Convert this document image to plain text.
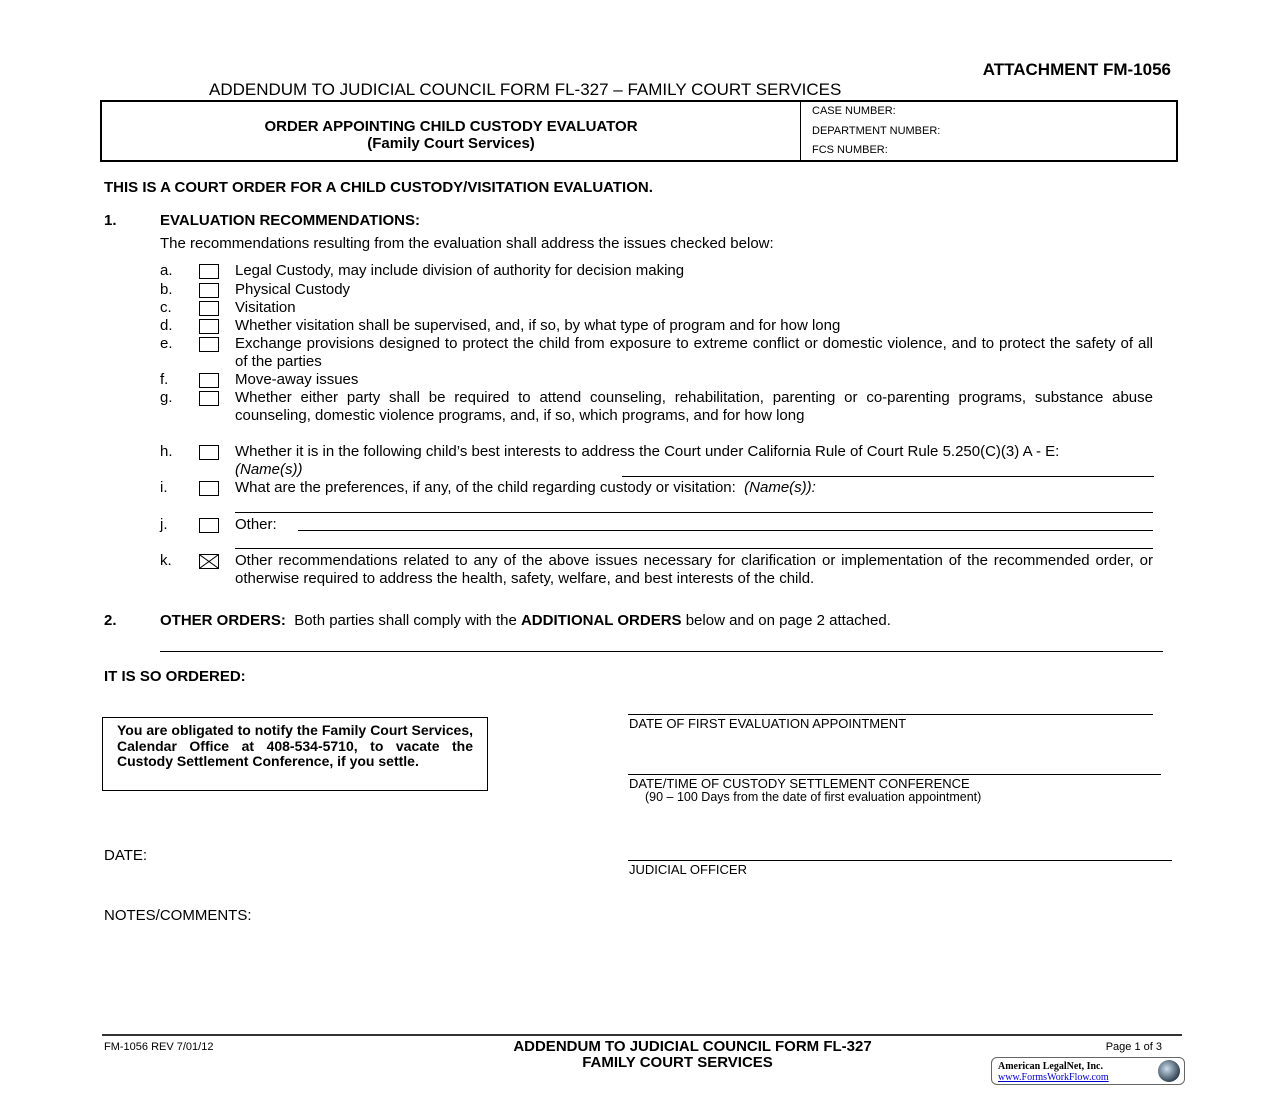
ATTACHMENT FM-1056
ADDENDUM TO JUDICIAL COUNCIL FORM FL-327 – FAMILY COURT SERVICES
ORDER APPOINTING CHILD CUSTODY EVALUATOR
(Family Court Services)
CASE NUMBER:
DEPARTMENT NUMBER:
FCS NUMBER:
THIS IS A COURT ORDER FOR A CHILD CUSTODY/VISITATION EVALUATION.
1.	EVALUATION RECOMMENDATIONS:
The recommendations resulting from the evaluation shall address the issues checked below:
a.	Legal Custody, may include division of authority for decision making
b.	Physical Custody
c.	Visitation
d.	Whether visitation shall be supervised, and, if so, by what type of program and for how long
e.	Exchange provisions designed to protect the child from exposure to extreme conflict or domestic violence, and to protect the safety of all of the parties
f.	Move-away issues
g.	Whether either party shall be required to attend counseling, rehabilitation, parenting or co-parenting programs, substance abuse counseling, domestic violence programs, and, if so, which programs, and for how long
h.	Whether it is in the following child’s best interests to address the Court under California Rule of Court Rule 5.250(C)(3) A - E:  (Name(s))
i.	What are the preferences, if any, of the child regarding custody or visitation: (Name(s)):
j.	Other:
k.	Other recommendations related to any of the above issues necessary for clarification or implementation of the recommended order, or otherwise required to address the health, safety, welfare, and best interests of the child.
2.	OTHER ORDERS: Both parties shall comply with the ADDITIONAL ORDERS below and on page 2 attached.
IT IS SO ORDERED:
You are obligated to notify the Family Court Services, Calendar Office at 408-534-5710, to vacate the Custody Settlement Conference, if you settle.
DATE OF FIRST EVALUATION APPOINTMENT
DATE/TIME OF CUSTODY SETTLEMENT CONFERENCE
(90 – 100 Days from the date of first evaluation appointment)
DATE:
JUDICIAL OFFICER
NOTES/COMMENTS:
FM-1056 REV 7/01/12	ADDENDUM TO JUDICIAL COUNCIL FORM FL-327
FAMILY COURT SERVICES
Page 1 of 3
American LegalNet, Inc.
www.FormsWorkFlow.com
